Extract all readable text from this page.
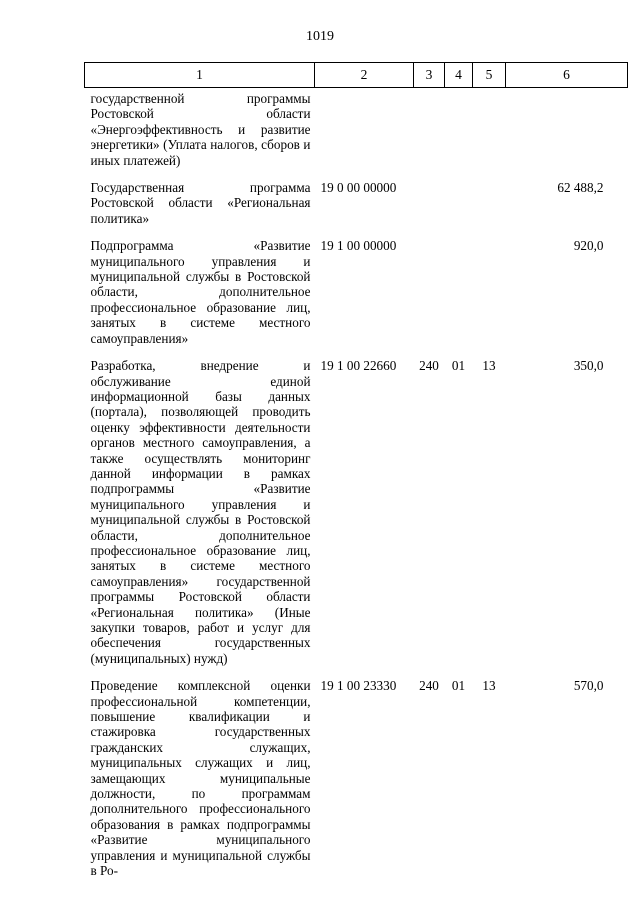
1019
1	2	3	4	5	6
государственной программы Ростовской области «Энергоэффективность и развитие энергетики» (Уплата налогов, сборов и иных платежей)					

Государственная программа Ростовской области «Региональная политика»	19 0 00 00000				62 488,2

Подпрограмма «Развитие муниципального управления и муниципальной службы в Ростовской области, дополнительное профессиональное образование лиц, занятых в системе местного самоуправления»	19 1 00 00000				920,0

Разработка, внедрение и обслуживание единой информационной базы данных (портала), позволяющей проводить оценку эффективности деятельности органов местного самоуправления, а также осуществлять мониторинг данной информации в рамках подпрограммы «Развитие муниципального управления и муниципальной службы в Ростовской области, дополнительное профессиональное образование лиц, занятых в системе местного самоуправления» государственной программы Ростовской области «Региональная политика» (Иные закупки товаров, работ и услуг для обеспечения государственных (муниципальных) нужд)	19 1 00 22660	240	01	13	350,0

Проведение комплексной оценки профессиональной компетенции, повышение квалификации и стажировка государственных гражданских служащих, муниципальных служащих и лиц, замещающих муниципальные должности, по программам дополнительного профессионального образования в рамках подпрограммы «Развитие муниципального управления и муниципальной службы в Ро-	19 1 00 23330	240	01	13	570,0
